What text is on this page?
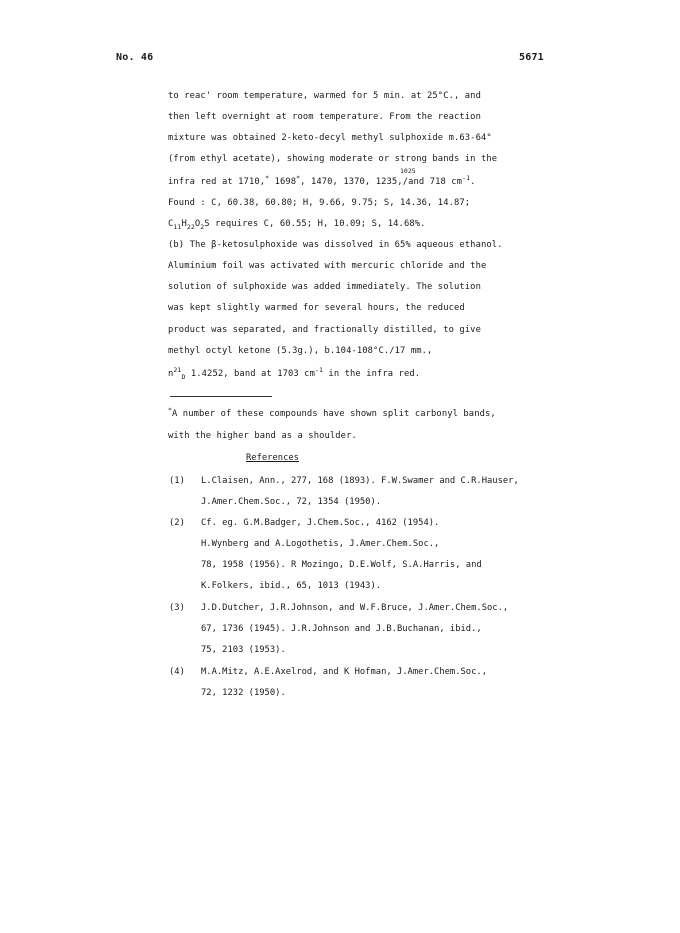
No. 46	5671
to reac' room temperature, warmed for 5 min. at 25°C., and
then left overnight at room temperature. From the reaction
mixture was obtained 2-keto-decyl methyl sulphoxide m.63-64°
(from ethyl acetate), showing moderate or strong bands in the
1025
infra red at 1710,* 1698*, 1470, 1370, 1235,/and 718 $cm^{-1}$.
Found : C, 60.38, 60.80; H, 9.66, 9.75; S, 14.36, 14.87;
$C_{11}H_{22}O_2S$ requires C, 60.55; H, 10.09; S, 14.68%.
(b) The β-ketosulphoxide was dissolved in 65% aqueous ethanol.
Aluminium foil was activated with mercuric chloride and the
solution of sulphoxide was added immediately. The solution
was kept slightly warmed for several hours, the reduced
product was separated, and fractionally distilled, to give
methyl octyl ketone (5.3g.), b.104-108°C./17 mm.,
$n^{21}_D$ 1.4252, band at 1703 $cm^{-1}$ in the infra red.
*A number of these compounds have shown split carbonyl bands,
with the higher band as a shoulder.
References
(1) L.Claisen, Ann., 277, 168 (1893). F.W.Swamer and C.R.Hauser,
J.Amer.Chem.Soc., 72, 1354 (1950).
(2) Cf. eg. G.M.Badger, J.Chem.Soc., 4162 (1954).
H.Wynberg and A.Logothetis, J.Amer.Chem.Soc.,
78, 1958 (1956). R Mozingo, D.E.Wolf, S.A.Harris, and
K.Folkers, ibid., 65, 1013 (1943).
(3) J.D.Dutcher, J.R.Johnson, and W.F.Bruce, J.Amer.Chem.Soc.,
67, 1736 (1945). J.R.Johnson and J.B.Buchanan, ibid.,
75, 2103 (1953).
(4) M.A.Mitz, A.E.Axelrod, and K Hofman, J.Amer.Chem.Soc.,
72, 1232 (1950).
